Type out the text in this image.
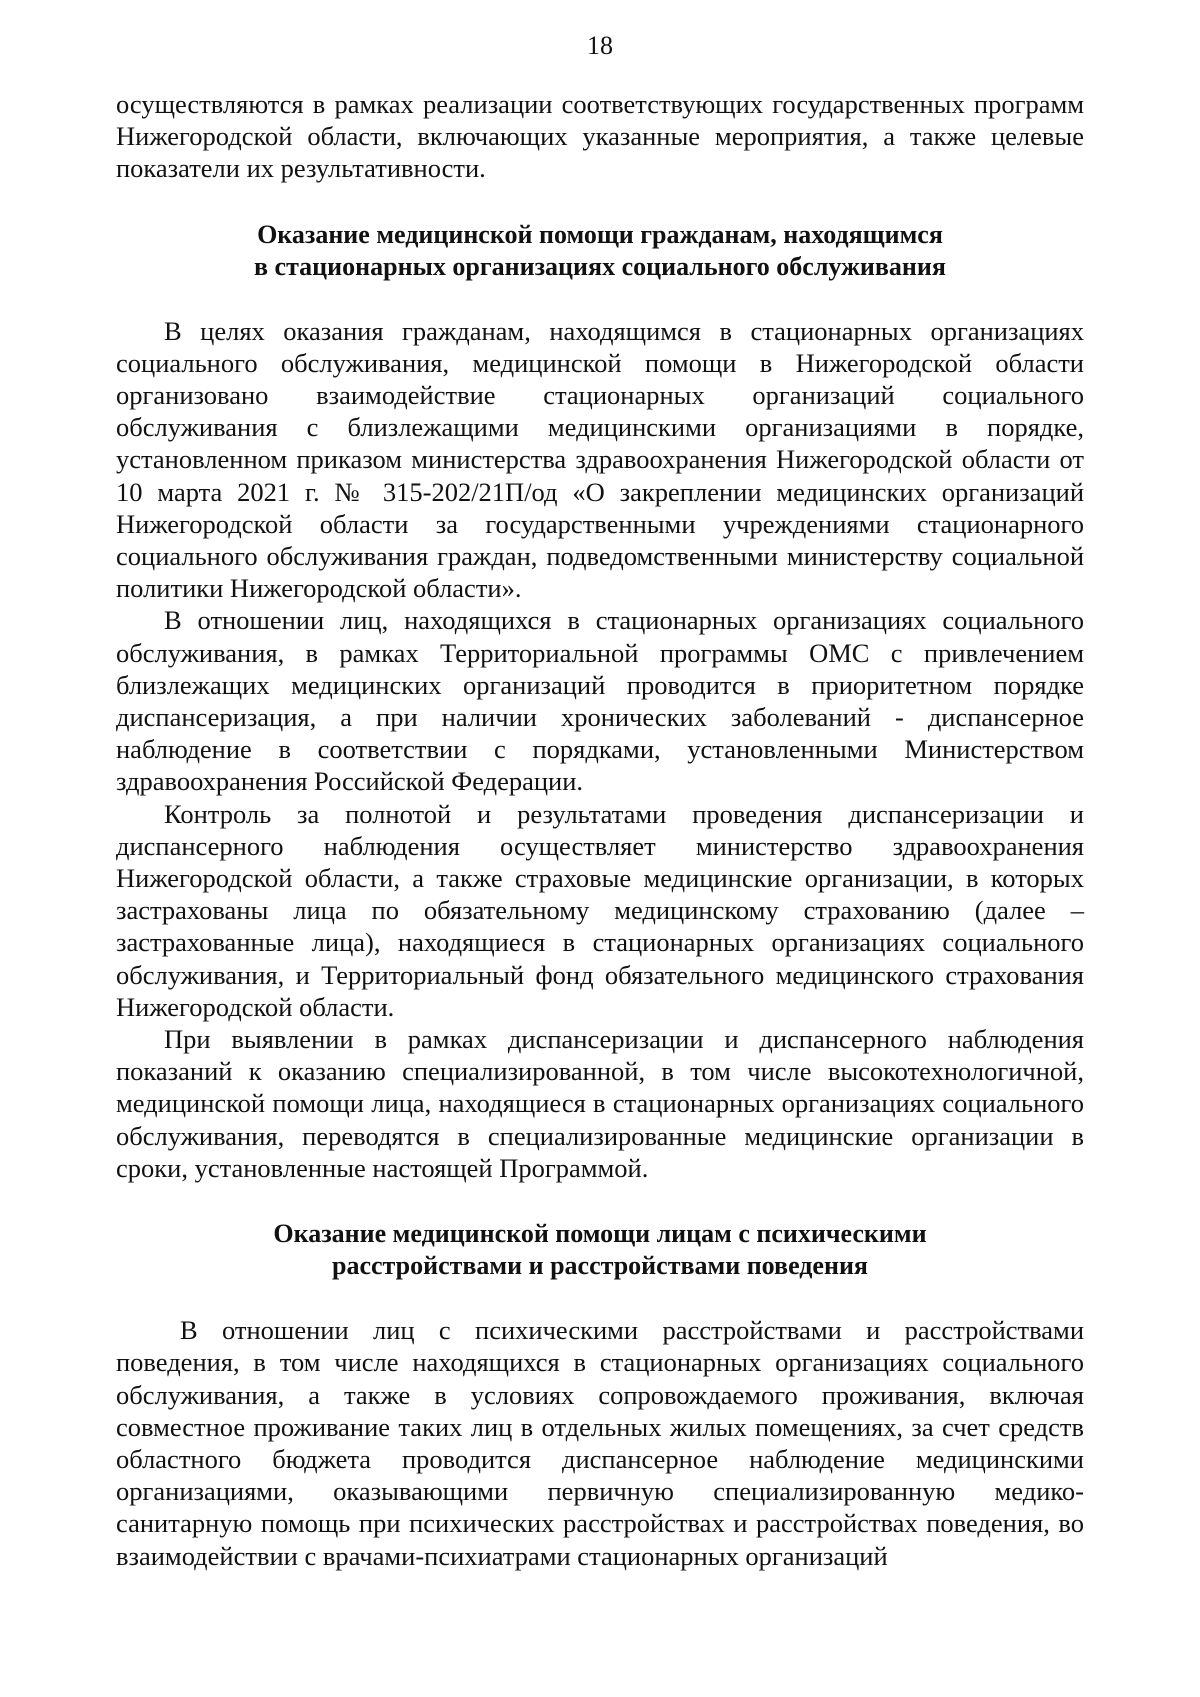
18

осуществляются в рамках реализации соответствующих государственных программ Нижегородской области, включающих указанные мероприятия, а также целевые показатели их результативности.

Оказание медицинской помощи гражданам, находящимся
в стационарных организациях социального обслуживания

В целях оказания гражданам, находящимся в стационарных организациях социального обслуживания, медицинской помощи в Нижегородской области организовано взаимодействие стационарных организаций социального обслуживания с близлежащими медицинскими организациями в порядке, установленном приказом министерства здравоохранения Нижегородской области от 10 марта 2021 г. № 315-202/21П/од «О закреплении медицинских организаций Нижегородской области за государственными учреждениями стационарного социального обслуживания граждан, подведомственными министерству социальной политики Нижегородской области».

В отношении лиц, находящихся в стационарных организациях социального обслуживания, в рамках Территориальной программы ОМС с привлечением близлежащих медицинских организаций проводится в приоритетном порядке диспансеризация, а при наличии хронических заболеваний - диспансерное наблюдение в соответствии с порядками, установленными Министерством здравоохранения Российской Федерации.

Контроль за полнотой и результатами проведения диспансеризации и диспансерного наблюдения осуществляет министерство здравоохранения Нижегородской области, а также страховые медицинские организации, в которых застрахованы лица по обязательному медицинскому страхованию (далее – застрахованные лица), находящиеся в стационарных организациях социального обслуживания, и Территориальный фонд обязательного медицинского страхования Нижегородской области.

При выявлении в рамках диспансеризации и диспансерного наблюдения показаний к оказанию специализированной, в том числе высокотехнологичной, медицинской помощи лица, находящиеся в стационарных организациях социального обслуживания, переводятся в специализированные медицинские организации в сроки, установленные настоящей Программой.

Оказание медицинской помощи лицам с психическими
расстройствами и расстройствами поведения

В отношении лиц с психическими расстройствами и расстройствами поведения, в том числе находящихся в стационарных организациях социального обслуживания, а также в условиях сопровождаемого проживания, включая совместное проживание таких лиц в отдельных жилых помещениях, за счет средств областного бюджета проводится диспансерное наблюдение медицинскими организациями, оказывающими первичную специализированную медико-санитарную помощь при психических расстройствах и расстройствах поведения, во взаимодействии с врачами-психиатрами стационарных организаций
